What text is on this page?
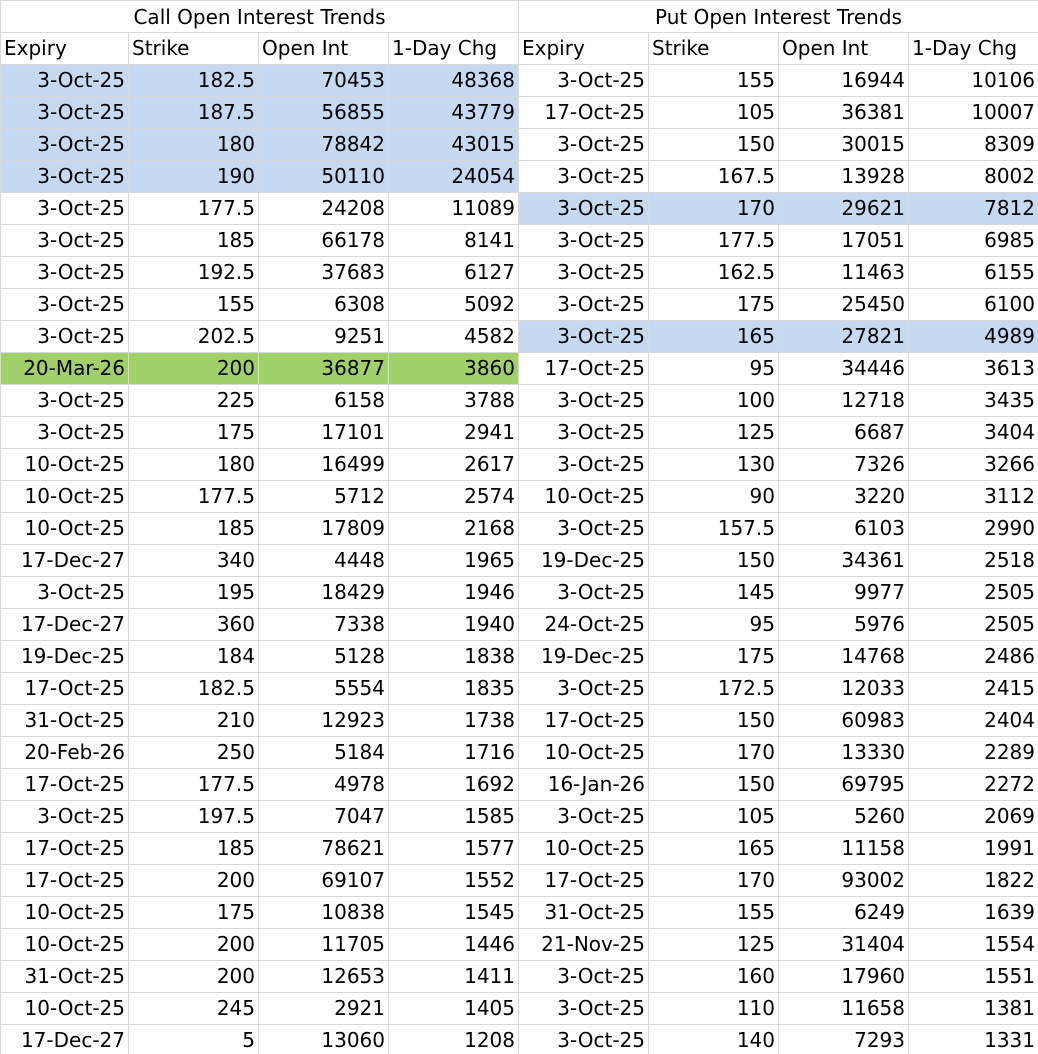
Call Open Interest Trends				Put Open Interest Trends			
Expiry	Strike	Open Int	1-Day Chg	Expiry	Strike	Open Int	1-Day Chg
3-Oct-25	182.5	70453	48368	3-Oct-25	155	16944	10106
3-Oct-25	187.5	56855	43779	17-Oct-25	105	36381	10007
3-Oct-25	180	78842	43015	3-Oct-25	150	30015	8309
3-Oct-25	190	50110	24054	3-Oct-25	167.5	13928	8002
3-Oct-25	177.5	24208	11089	3-Oct-25	170	29621	7812
3-Oct-25	185	66178	8141	3-Oct-25	177.5	17051	6985
3-Oct-25	192.5	37683	6127	3-Oct-25	162.5	11463	6155
3-Oct-25	155	6308	5092	3-Oct-25	175	25450	6100
3-Oct-25	202.5	9251	4582	3-Oct-25	165	27821	4989
20-Mar-26	200	36877	3860	17-Oct-25	95	34446	3613
3-Oct-25	225	6158	3788	3-Oct-25	100	12718	3435
3-Oct-25	175	17101	2941	3-Oct-25	125	6687	3404
10-Oct-25	180	16499	2617	3-Oct-25	130	7326	3266
10-Oct-25	177.5	5712	2574	10-Oct-25	90	3220	3112
10-Oct-25	185	17809	2168	3-Oct-25	157.5	6103	2990
17-Dec-27	340	4448	1965	19-Dec-25	150	34361	2518
3-Oct-25	195	18429	1946	3-Oct-25	145	9977	2505
17-Dec-27	360	7338	1940	24-Oct-25	95	5976	2505
19-Dec-25	184	5128	1838	19-Dec-25	175	14768	2486
17-Oct-25	182.5	5554	1835	3-Oct-25	172.5	12033	2415
31-Oct-25	210	12923	1738	17-Oct-25	150	60983	2404
20-Feb-26	250	5184	1716	10-Oct-25	170	13330	2289
17-Oct-25	177.5	4978	1692	16-Jan-26	150	69795	2272
3-Oct-25	197.5	7047	1585	3-Oct-25	105	5260	2069
17-Oct-25	185	78621	1577	10-Oct-25	165	11158	1991
17-Oct-25	200	69107	1552	17-Oct-25	170	93002	1822
10-Oct-25	175	10838	1545	31-Oct-25	155	6249	1639
10-Oct-25	200	11705	1446	21-Nov-25	125	31404	1554
31-Oct-25	200	12653	1411	3-Oct-25	160	17960	1551
10-Oct-25	245	2921	1405	3-Oct-25	110	11658	1381
17-Dec-27	5	13060	1208	3-Oct-25	140	7293	1331
